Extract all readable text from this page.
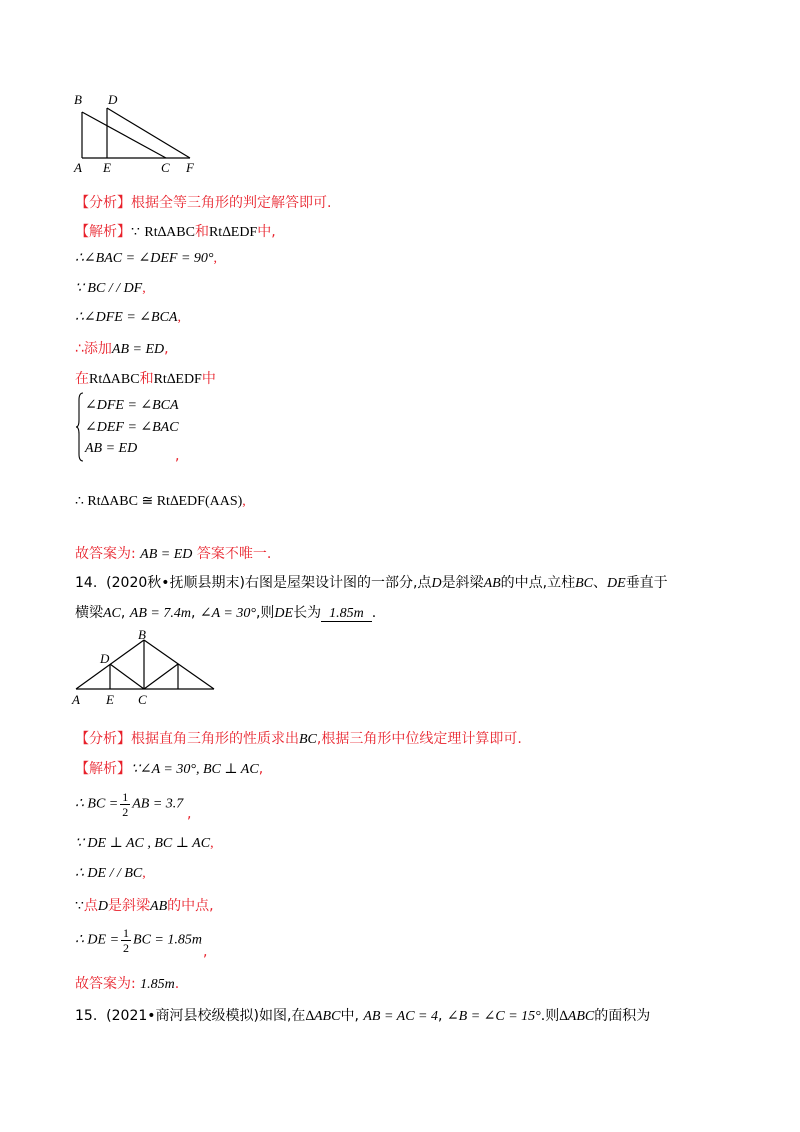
B D
A E	C F
【分析】根据全等三角形的判定解答即可.
【解析】∵ Rt∆ABC和Rt∆EDF中,
∴∠BAC = ∠DEF = 90°,
∵ BC / / DF,
∴∠DFE = ∠BCA,
∴添加AB = ED,
在Rt∆ABC和Rt∆EDF中
∠DFE = ∠BCA
∠DEF = ∠BAC
AB = ED	,
∴ Rt∆ABC ≅ Rt∆EDF(AAS),
故答案为: AB = ED 答案不唯一.
14. (2020秋•抚顺县期末)右图是屋架设计图的一部分,点D是斜梁AB的中点,立柱BC、DE垂直于
横梁AC, AB = 7.4m, ∠A = 30°,则DE长为 1.85m .
B
D
A E C
【分析】根据直角三角形的性质求出BC,根据三角形中位线定理计算即可.
【解析】∵∠A = 30°, BC ⊥ AC,
∴ BC = $\frac{1}{2}$ AB = 3.7
,
∵ DE ⊥ AC , BC ⊥ AC,
∴ DE / / BC,
∵点D是斜梁AB的中点,
∴ DE = $\frac{1}{2}$ BC = 1.85m
,
故答案为: 1.85m.
15. (2021•商河县校级模拟)如图,在∆ABC中, AB = AC = 4, ∠B = ∠C = 15°.则∆ABC的面积为
